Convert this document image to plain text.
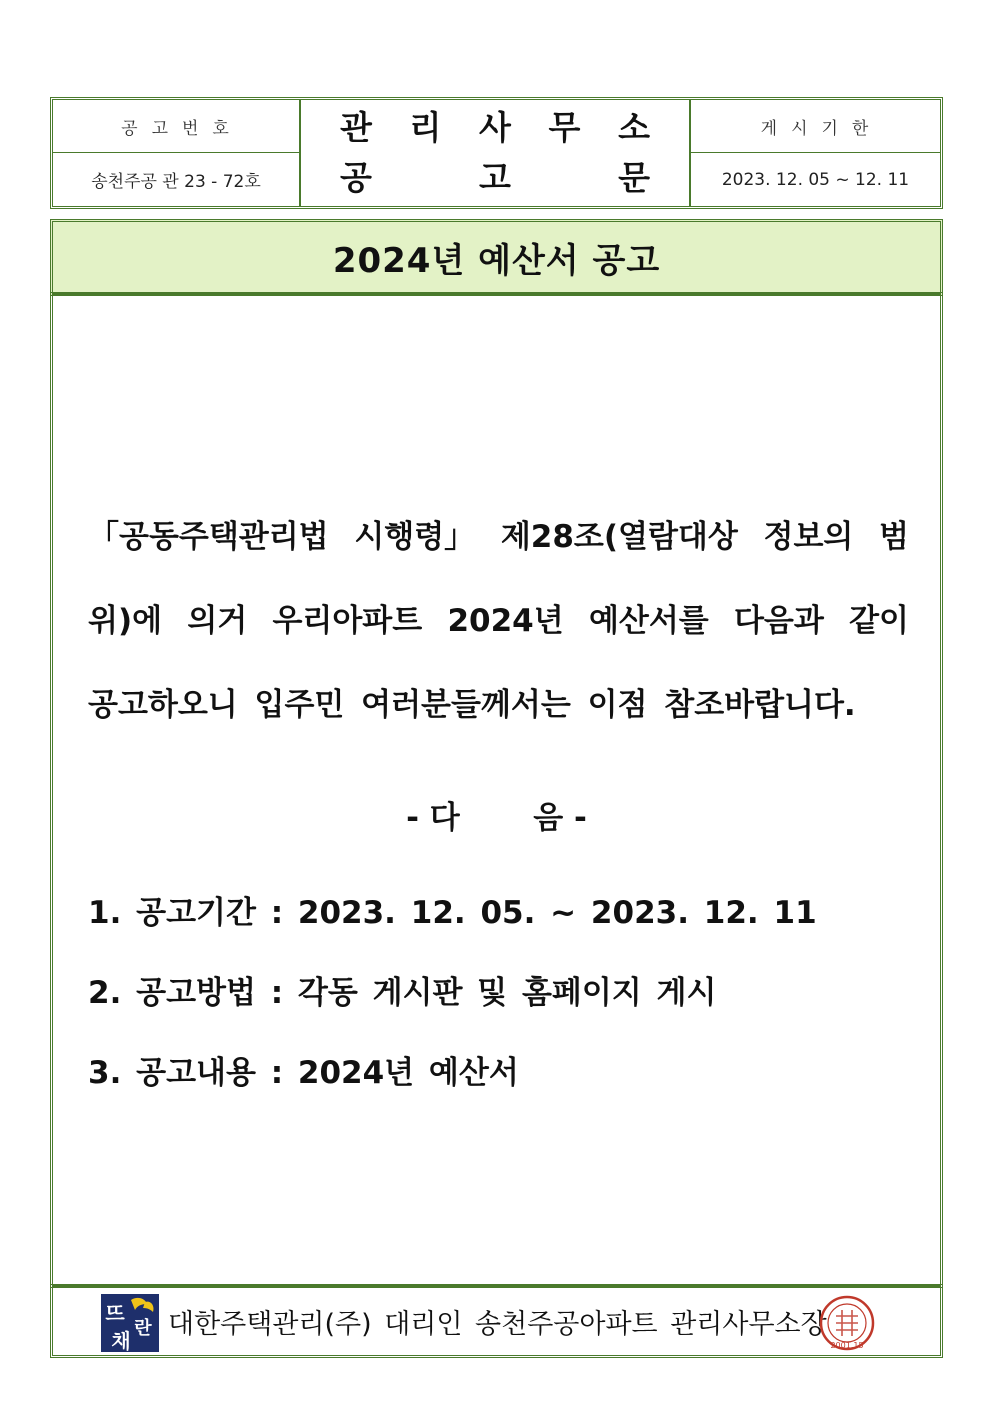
공고번호
송천주공 관 23 - 72호
관 리 사 무 소
공	고	문
게시기한
2023. 12. 05 ~ 12. 11
2024년 예산서 공고
「공동주택관리법 시행령」 제28조(열람대상 정보의 범
위)에 의거 우리아파트 2024년 예산서를 다음과 같이
공고하오니 입주민 여러분들께서는 이점 참조바랍니다.
- 다 음 -
1. 공고기간 : 2023. 12. 05. ~ 2023. 12. 11
2. 공고방법 : 각동 게시판 및 홈페이지 게시
3. 공고내용 : 2024년 예산서
뜨
란
채
대한주택관리(주) 대리인 송천주공아파트 관리사무소장
2001.15
